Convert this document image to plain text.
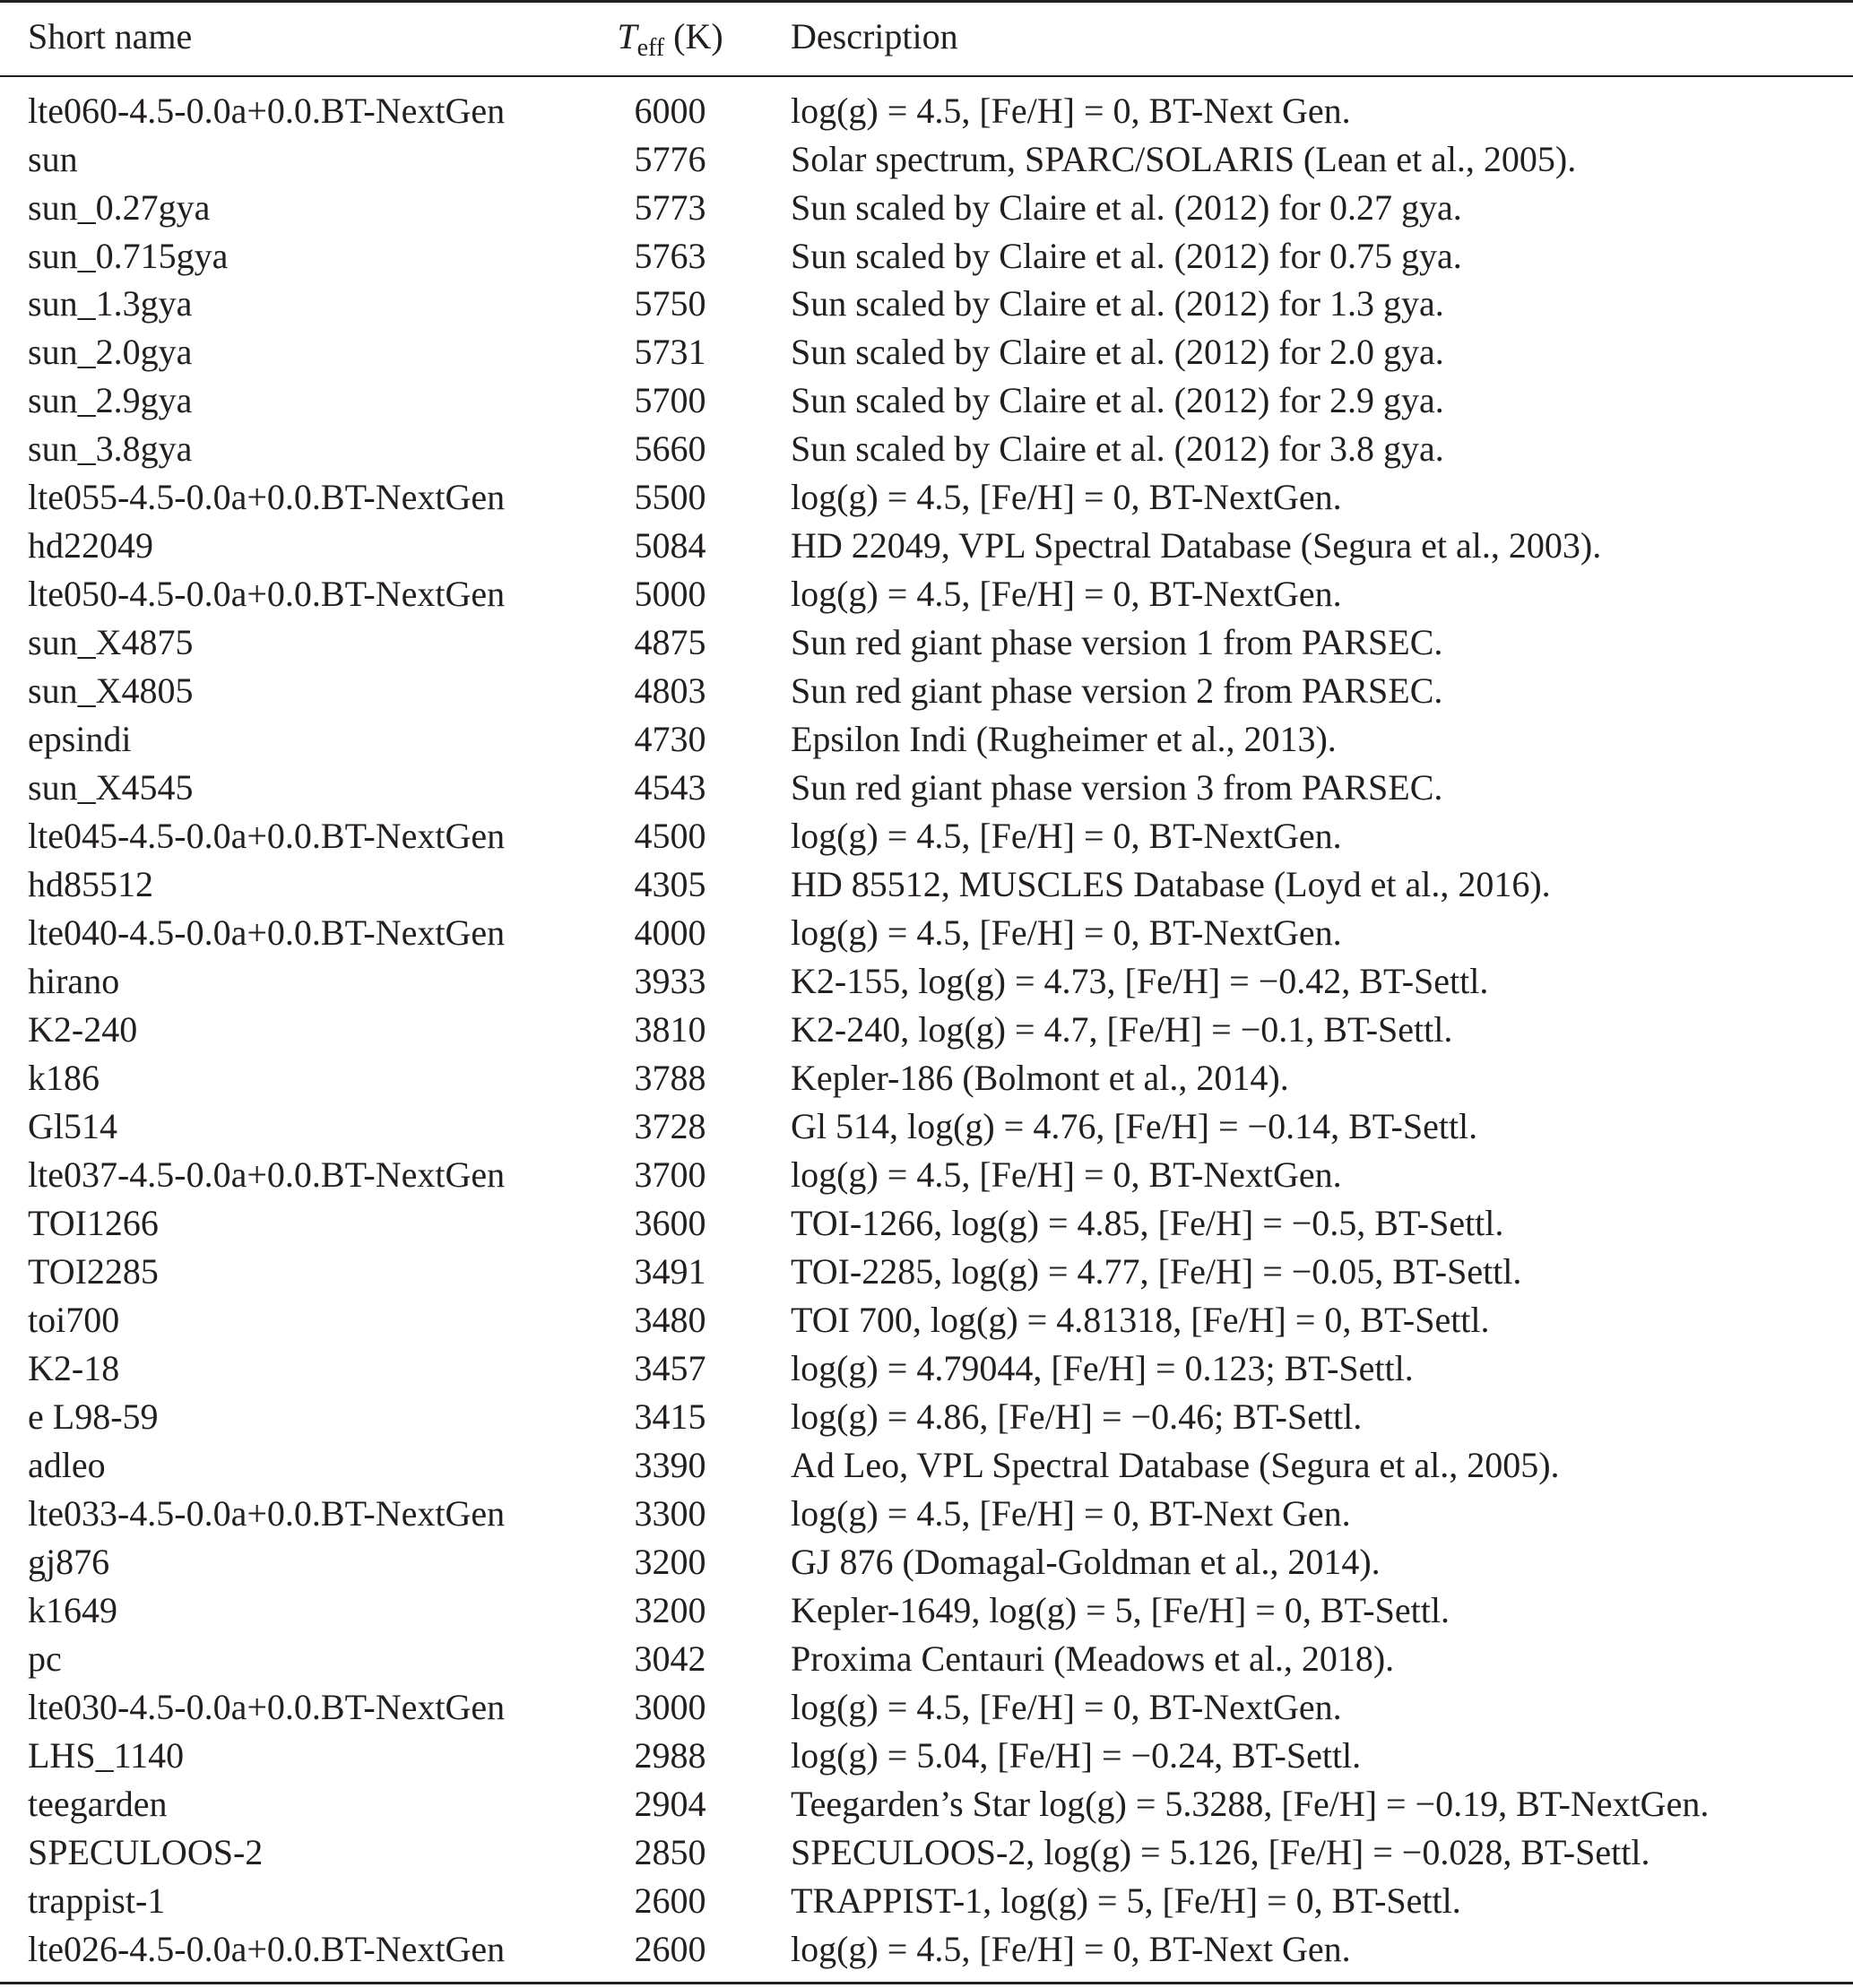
Short name	$T_{eff}$ (K)	Description
lte060-4.5-0.0a+0.0.BT-NextGen	6000	log(g) = 4.5, [Fe/H] = 0, BT-Next Gen.
sun	5776	Solar spectrum, SPARC/SOLARIS (Lean et al., 2005).
sun_0.27gya	5773	Sun scaled by Claire et al. (2012) for 0.27 gya.
sun_0.715gya	5763	Sun scaled by Claire et al. (2012) for 0.75 gya.
sun_1.3gya	5750	Sun scaled by Claire et al. (2012) for 1.3 gya.
sun_2.0gya	5731	Sun scaled by Claire et al. (2012) for 2.0 gya.
sun_2.9gya	5700	Sun scaled by Claire et al. (2012) for 2.9 gya.
sun_3.8gya	5660	Sun scaled by Claire et al. (2012) for 3.8 gya.
lte055-4.5-0.0a+0.0.BT-NextGen	5500	log(g) = 4.5, [Fe/H] = 0, BT-NextGen.
hd22049	5084	HD 22049, VPL Spectral Database (Segura et al., 2003).
lte050-4.5-0.0a+0.0.BT-NextGen	5000	log(g) = 4.5, [Fe/H] = 0, BT-NextGen.
sun_X4875	4875	Sun red giant phase version 1 from PARSEC.
sun_X4805	4803	Sun red giant phase version 2 from PARSEC.
epsindi	4730	Epsilon Indi (Rugheimer et al., 2013).
sun_X4545	4543	Sun red giant phase version 3 from PARSEC.
lte045-4.5-0.0a+0.0.BT-NextGen	4500	log(g) = 4.5, [Fe/H] = 0, BT-NextGen.
hd85512	4305	HD 85512, MUSCLES Database (Loyd et al., 2016).
lte040-4.5-0.0a+0.0.BT-NextGen	4000	log(g) = 4.5, [Fe/H] = 0, BT-NextGen.
hirano	3933	K2-155, log(g) = 4.73, [Fe/H] = −0.42, BT-Settl.
K2-240	3810	K2-240, log(g) = 4.7, [Fe/H] = −0.1, BT-Settl.
k186	3788	Kepler-186 (Bolmont et al., 2014).
Gl514	3728	Gl 514, log(g) = 4.76, [Fe/H] = −0.14, BT-Settl.
lte037-4.5-0.0a+0.0.BT-NextGen	3700	log(g) = 4.5, [Fe/H] = 0, BT-NextGen.
TOI1266	3600	TOI-1266, log(g) = 4.85, [Fe/H] = −0.5, BT-Settl.
TOI2285	3491	TOI-2285, log(g) = 4.77, [Fe/H] = −0.05, BT-Settl.
toi700	3480	TOI 700, log(g) = 4.81318, [Fe/H] = 0, BT-Settl.
K2-18	3457	log(g) = 4.79044, [Fe/H] = 0.123; BT-Settl.
e L98-59	3415	log(g) = 4.86, [Fe/H] = −0.46; BT-Settl.
adleo	3390	Ad Leo, VPL Spectral Database (Segura et al., 2005).
lte033-4.5-0.0a+0.0.BT-NextGen	3300	log(g) = 4.5, [Fe/H] = 0, BT-Next Gen.
gj876	3200	GJ 876 (Domagal-Goldman et al., 2014).
k1649	3200	Kepler-1649, log(g) = 5, [Fe/H] = 0, BT-Settl.
pc	3042	Proxima Centauri (Meadows et al., 2018).
lte030-4.5-0.0a+0.0.BT-NextGen	3000	log(g) = 4.5, [Fe/H] = 0, BT-NextGen.
LHS_1140	2988	log(g) = 5.04, [Fe/H] = −0.24, BT-Settl.
teegarden	2904	Teegarden’s Star log(g) = 5.3288, [Fe/H] = −0.19, BT-NextGen.
SPECULOOS-2	2850	SPECULOOS-2, log(g) = 5.126, [Fe/H] = −0.028, BT-Settl.
trappist-1	2600	TRAPPIST-1, log(g) = 5, [Fe/H] = 0, BT-Settl.
lte026-4.5-0.0a+0.0.BT-NextGen	2600	log(g) = 4.5, [Fe/H] = 0, BT-Next Gen.
